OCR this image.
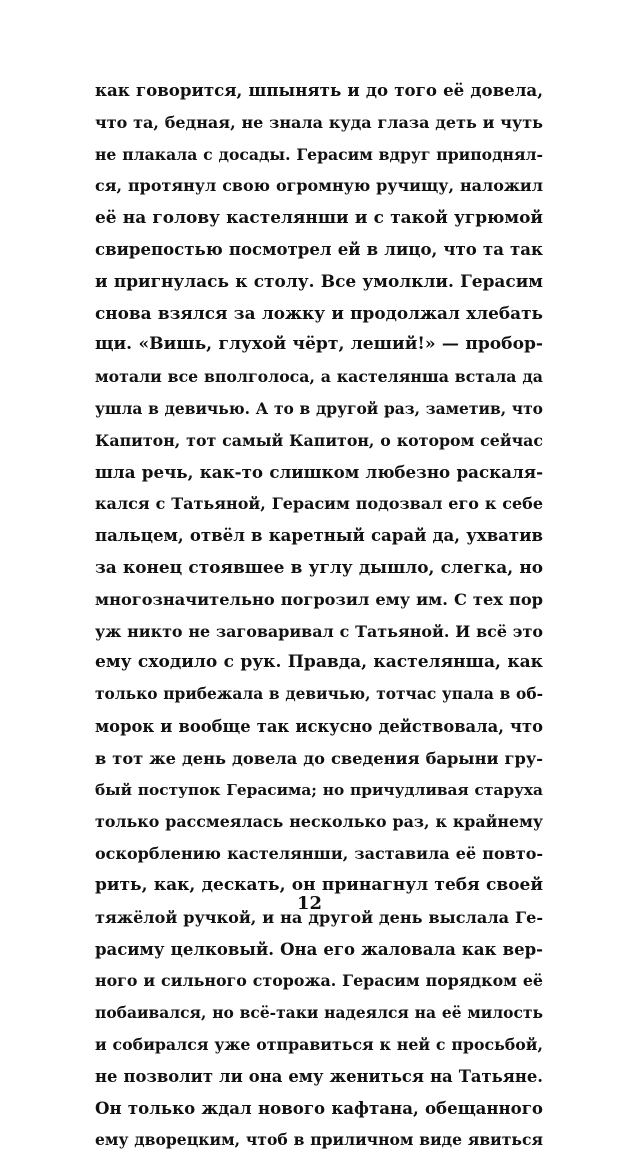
как говорится, шпынять и до того её довела,
что та, бедная, не знала куда глаза деть и чуть
не плакала с досады. Герасим вдруг приподнял-
ся, протянул свою огромную ручищу, наложил
её на голову кастелянши и с такой угрюмой
свирепостью посмотрел ей в лицо, что та так
и пригнулась к столу. Все умолкли. Герасим
снова взялся за ложку и продолжал хлебать
щи. «Вишь, глухой чёрт, леший!» — пробор-
мотали все вполголоса, а кастелянша встала да
ушла в девичью. А то в другой раз, заметив, что
Капитон, тот самый Капитон, о котором сейчас
шла речь, как-то слишком любезно раскаля-
кался с Татьяной, Герасим подозвал его к себе
пальцем, отвёл в каретный сарай да, ухватив
за конец стоявшее в углу дышло, слегка, но
многозначительно погрозил ему им. С тех пор
уж никто не заговаривал с Татьяной. И всё это
ему сходило с рук. Правда, кастелянша, как
только прибежала в девичью, тотчас упала в об-
морок и вообще так искусно действовала, что
в тот же день довела до сведения барыни гру-
бый поступок Герасима; но причудливая старуха
только рассмеялась несколько раз, к крайнему
оскорблению кастелянши, заставила её повто-
рить, как, дескать, он принагнул тебя своей
тяжёлой ручкой, и на другой день выслала Ге-
расиму целковый. Она его жаловала как вер-
ного и сильного сторожа. Герасим порядком её
побаивался, но всё-таки надеялся на её милость
и собирался уже отправиться к ней с просьбой,
не позволит ли она ему жениться на Татьяне.
Он только ждал нового кафтана, обещанного
ему дворецким, чтоб в приличном виде явиться
12
